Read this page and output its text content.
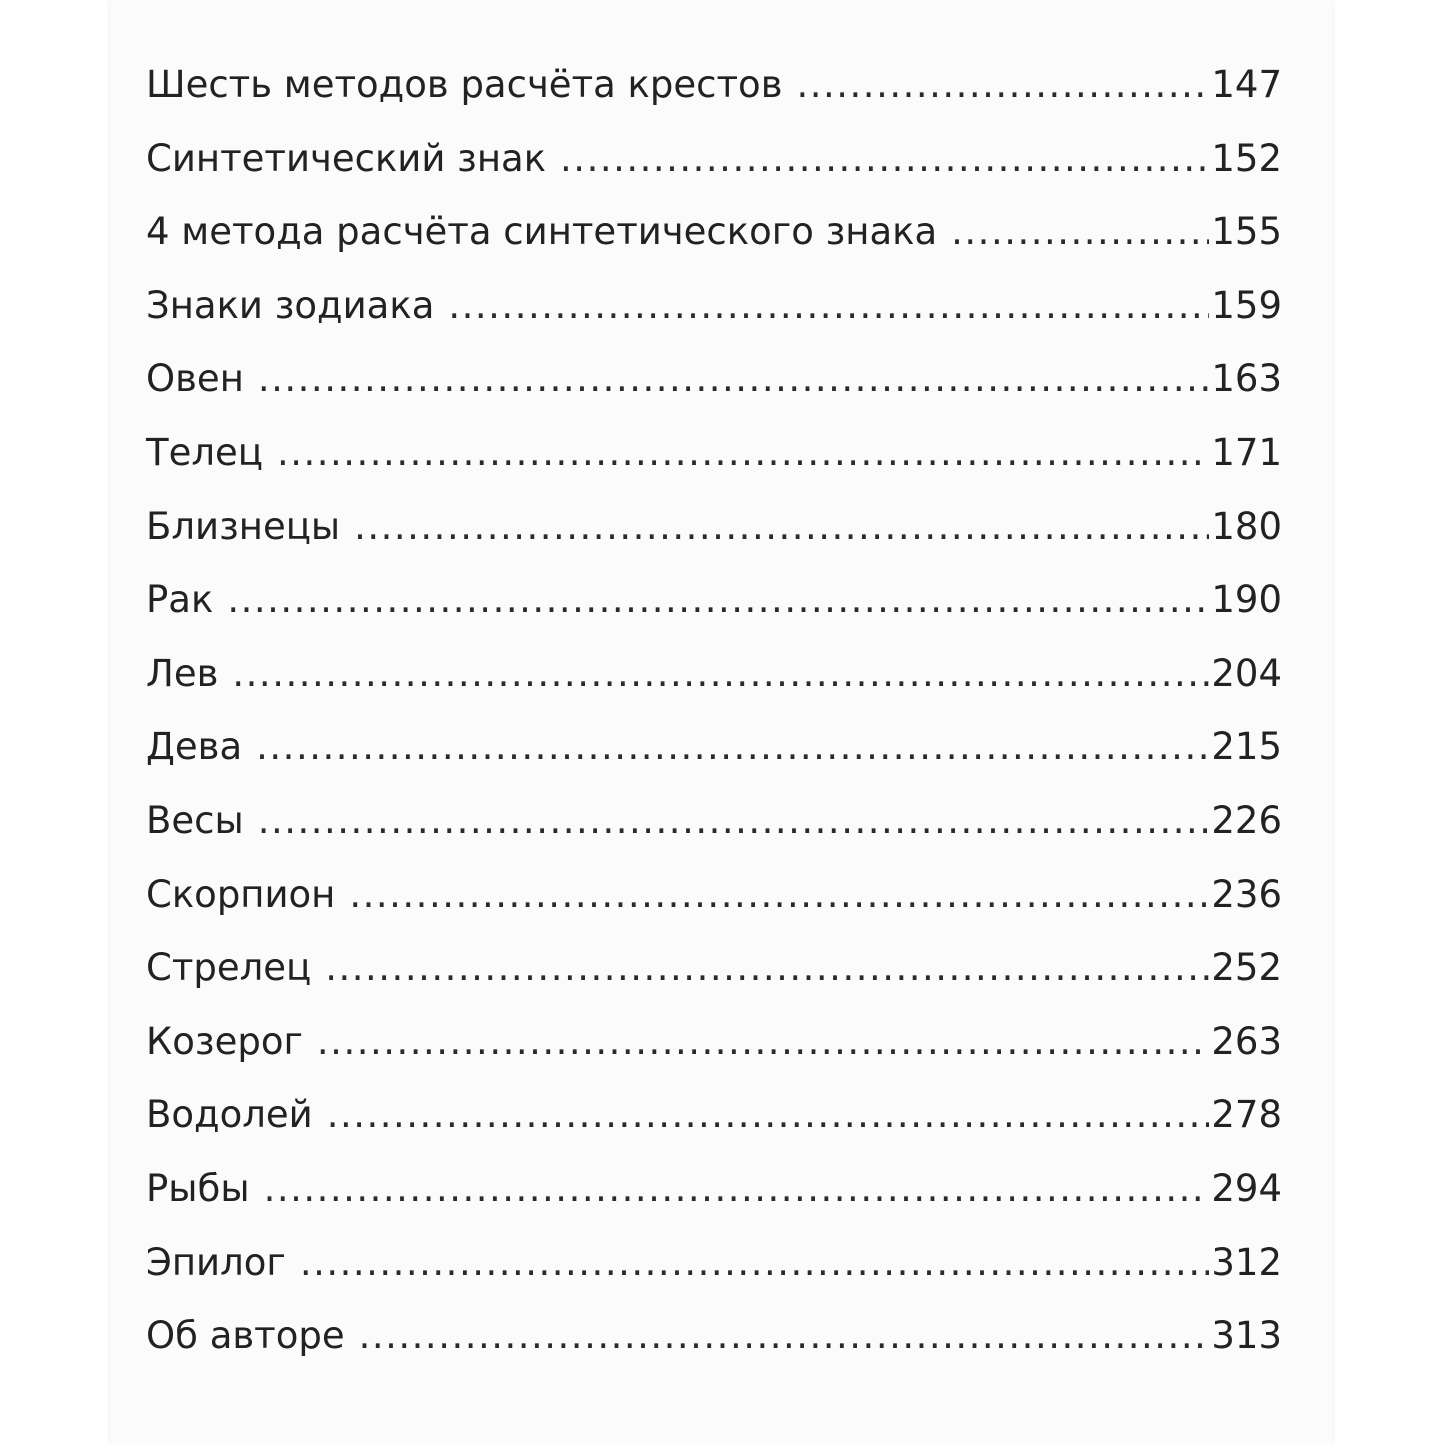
Шесть методов расчёта крестов .....	147
Синтетический знак .....	152
4 метода расчёта синтетического знака .....	155
Знаки зодиака .....	159
Овен .....	163
Телец .....	171
Близнецы .....	180
Рак .....	190
Лев .....	204
Дева .....	215
Весы .....	226
Скорпион .....	236
Стрелец .....	252
Козерог .....	263
Водолей .....	278
Рыбы .....	294
Эпилог .....	312
Об авторе .....	313
